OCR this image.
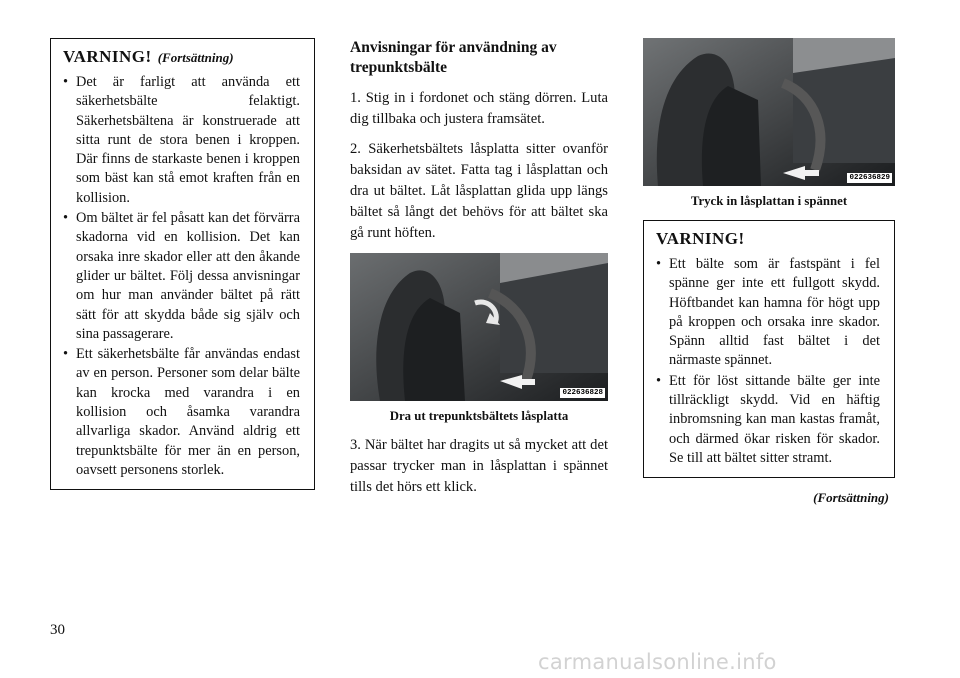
VARNING! (Fortsättning)
• Det är farligt att använda ett säkerhetsbälte felaktigt. Säkerhetsbältena är konstruerade att sitta runt de stora benen i kroppen. Där finns de starkaste benen i kroppen som bäst kan stå emot kraften från en kollision.
• Om bältet är fel påsatt kan det förvärra skadorna vid en kollision. Det kan orsaka inre skador eller att den åkande glider ur bältet. Följ dessa anvisningar om hur man använder bältet på rätt sätt för att skydda både sig själv och sina passagerare.
• Ett säkerhetsbälte får användas endast av en person. Personer som delar bälte kan krocka med varandra i en kollision och åsamka varandra allvarliga skador. Använd aldrig ett trepunktsbälte för mer än en person, oavsett personens storlek.
Anvisningar för användning av trepunktsbälte

1. Stig in i fordonet och stäng dörren. Luta dig tillbaka och justera framsätet.

2. Säkerhetsbältets låsplatta sitter ovanför baksidan av sätet. Fatta tag i låsplattan och dra ut bältet. Låt låsplattan glida upp längs bältet så långt det behövs för att bältet ska gå runt höften.

022636828
Dra ut trepunktsbältets låsplatta

3. När bältet har dragits ut så mycket att det passar trycker man in låsplattan i spännet tills det hörs ett klick.

022636829
Tryck in låsplattan i spännet
VARNING!
• Ett bälte som är fastspänt i fel spänne ger inte ett fullgott skydd. Höftbandet kan hamna för högt upp på kroppen och orsaka inre skador. Spänn alltid fast bältet i det närmaste spännet.
• Ett för löst sittande bälte ger inte tillräckligt skydd. Vid en häftig inbromsning kan man kastas framåt, och därmed ökar risken för skador. Se till att bältet sitter stramt.
(Fortsättning)
30
carmanualsonline.info
